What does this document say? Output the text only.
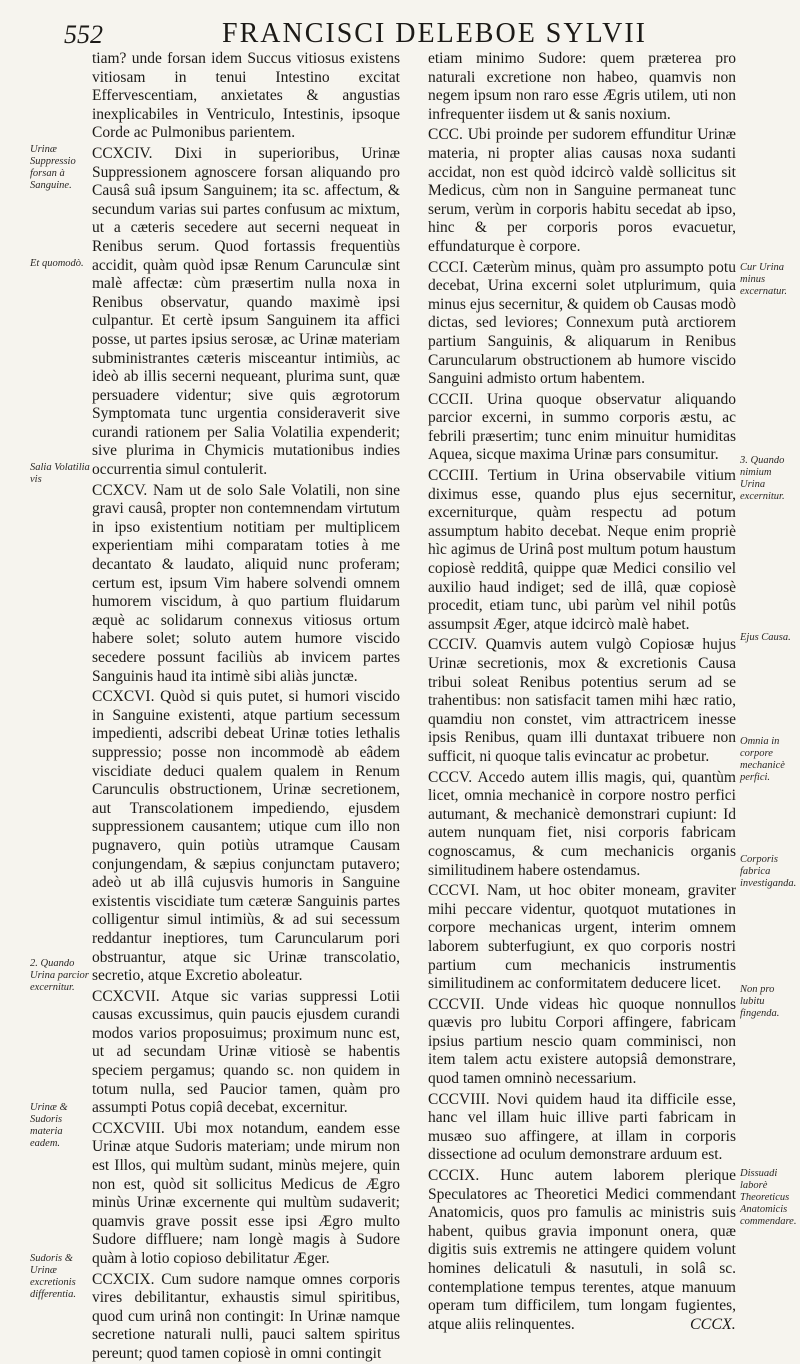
552	FRANCISCI DELEBOE SYLVII

tiam? unde forsan idem Succus vitiosus existens vitiosam in tenui Intestino excitat Effervescentiam, anxietates & angustias inexplicabiles in Ventriculo, Intestinis, ipsoque Corde ac Pulmonibus parientem.

CCXCIV. Dixi in superioribus, Urinæ Suppressionem agnoscere forsan aliquando pro Causâ suâ ipsum Sanguinem; ita sc. affectum, & secundum varias sui partes confusum ac mixtum, ut a cæteris secedere aut secerni nequeat in Renibus serum. Quod fortassis frequentiùs accidit, quàm quòd ipsæ Renum Carunculæ sint malè affectæ: cùm præsertim nulla noxa in Renibus observatur, quando maximè ipsi culpantur. Et certè ipsum Sanguinem ita affici posse, ut partes ipsius serosæ, ac Urinæ materiam subministrantes cæteris misceantur intimiùs, ac ideò ab illis secerni nequeant, plurima sunt, quæ persuadere videntur; sive quis ægrotorum Symptomata tunc urgentia consideraverit sive curandi rationem per Salia Volatilia expenderit; sive plurima in Chymicis mutationibus indies occurrentia simul contulerit.

CCXCV. Nam ut de solo Sale Volatili, non sine gravi causâ, propter non contemnendam virtutum in ipso existentium notitiam per multiplicem experientiam mihi comparatam toties à me decantato & laudato, aliquid nunc proferam; certum est, ipsum Vim habere solvendi omnem humorem viscidum, à quo partium fluidarum æquè ac solidarum connexus vitiosus ortum habere solet; soluto autem humore viscido secedere possunt faciliùs ab invicem partes Sanguinis haud ita intimè sibi aliàs junctæ.

CCXCVI. Quòd si quis putet, si humori viscido in Sanguine existenti, atque partium secessum impedienti, adscribi debeat Urinæ toties lethalis suppressio; posse non incommodè ab eâdem viscidiate deduci qualem qualem in Renum Carunculis obstructionem, Urinæ secretionem, aut Transcolationem impediendo, ejusdem suppressionem causantem; utique cum illo non pugnavero, quin potiùs utramque Causam conjungendam, & sæpius conjunctam putavero; adeò ut ab illâ cujusvis humoris in Sanguine existentis viscidiate tum cæteræ Sanguinis partes colligentur simul intimiùs, & ad sui secessum reddantur ineptiores, tum Caruncularum pori obstruantur, atque sic Urinæ transcolatio, secretio, atque Excretio aboleatur.

CCXCVII. Atque sic varias suppressi Lotii causas excussimus, quin paucis ejusdem curandi modos varios proposuimus; proximum nunc est, ut ad secundam Urinæ vitiosè se habentis speciem pergamus; quando sc. non quidem in totum nulla, sed Paucior tamen, quàm pro assumpti Potus copiâ decebat, excernitur.

CCXCVIII. Ubi mox notandum, eandem esse Urinæ atque Sudoris materiam; unde mirum non est Illos, qui multùm sudant, minùs mejere, quin non est, quòd sit sollicitus Medicus de Ægro minùs Urinæ excernente qui multùm sudaverit; quamvis grave possit esse ipsi Ægro multo Sudore diffluere; nam longè magis à Sudore quàm à lotio copioso debilitatur Æger.

CCXCIX. Cum sudore namque omnes corporis vires debilitantur, exhaustis simul spiritibus, quod cum urinâ non contingit: In Urinæ namque secretione naturali nulli, pauci saltem spiritus pereunt; quod tamen copiosè in omni contingit

etiam minimo Sudore: quem præterea pro naturali excretione non habeo, quamvis non negem ipsum non raro esse Ægris utilem, uti non infrequenter iisdem ut & sanis noxium.

CCC. Ubi proinde per sudorem effunditur Urinæ materia, ni propter alias causas noxa sudanti accidat, non est quòd idcircò valdè sollicitus sit Medicus, cùm non in Sanguine permaneat tunc serum, verùm in corporis habitu secedat ab ipso, hinc & per corporis poros evacuetur, effundaturque è corpore.

CCCI. Cæterùm minus, quàm pro assumpto potu decebat, Urina excerni solet utplurimum, quia minus ejus secernitur, & quidem ob Causas modò dictas, sed leviores; Connexum putà arctiorem partium Sanguinis, & aliquarum in Renibus Caruncularum obstructionem ab humore viscido Sanguini admisto ortum habentem.

CCCII. Urina quoque observatur aliquando parcior excerni, in summo corporis æstu, ac febrili præsertim; tunc enim minuitur humiditas Aquea, sicque maxima Urinæ pars consumitur.

CCCIII. Tertium in Urina observabile vitium diximus esse, quando plus ejus secernitur, excerniturque, quàm respectu ad potum assumptum habito decebat. Neque enim propriè hìc agimus de Urinâ post multum potum haustum copiosè redditâ, quippe quæ Medici consilio vel auxilio haud indiget; sed de illâ, quæ copiosè procedit, etiam tunc, ubi parùm vel nihil potûs assumpsit Æger, atque idcircò malè habet.

CCCIV. Quamvis autem vulgò Copiosæ hujus Urinæ secretionis, mox & excretionis Causa tribui soleat Renibus potentius serum ad se trahentibus: non satisfacit tamen mihi hæc ratio, quamdiu non constet, vim attractricem inesse ipsis Renibus, quam illi duntaxat tribuere non sufficit, ni quoque talis evincatur ac probetur.

CCCV. Accedo autem illis magis, qui, quantùm licet, omnia mechanicè in corpore nostro perfici autumant, & mechanicè demonstrari cupiunt: Id autem nunquam fiet, nisi corporis fabricam cognoscamus, & cum mechanicis organis similitudinem habere ostendamus.

CCCVI. Nam, ut hoc obiter moneam, graviter mihi peccare videntur, quotquot mutationes in corpore mechanicas urgent, interim omnem laborem subterfugiunt, ex quo corporis nostri partium cum mechanicis instrumentis similitudinem ac conformitatem deducere licet.

CCCVII. Unde videas hìc quoque nonnullos quævis pro lubitu Corpori affingere, fabricam ipsius partium nescio quam comminisci, non item talem actu existere autopsiâ demonstrare, quod tamen omninò necessarium.

CCCVIII. Novi quidem haud ita difficile esse, hanc vel illam huic illive parti fabricam in musæo suo affingere, at illam in corporis dissectione ad oculum demonstrare arduum est.

CCCIX. Hunc autem laborem plerique Speculatores ac Theoretici Medici commendant Anatomicis, quos pro famulis ac ministris suis habent, quibus gravia imponunt onera, quæ digitis suis extremis ne attingere quidem volunt homines delicatuli & nasutuli, in solâ sc. contemplatione tempus terentes, atque manuum operam tum difficilem, tum longam fugientes, atque aliis relinquentes.

Urinæ Suppressio forsan à Sanguine.
Et quomodò.
Salia Volatilia vis
2. Quando Urina parcior excernitur.
Urinæ & Sudoris materia eadem.
Sudoris & Urinæ excretionis differentia.
Cur Urina minus excernatur.
3. Quando nimium Urina excernitur.
Ejus Causa.
Omnia in corpore mechanicè perfici.
Corporis fabrica investiganda.
Non pro lubitu fingenda.
Dissuadi laborè Theoreticus Anatomicis commendare.
CCCX.
